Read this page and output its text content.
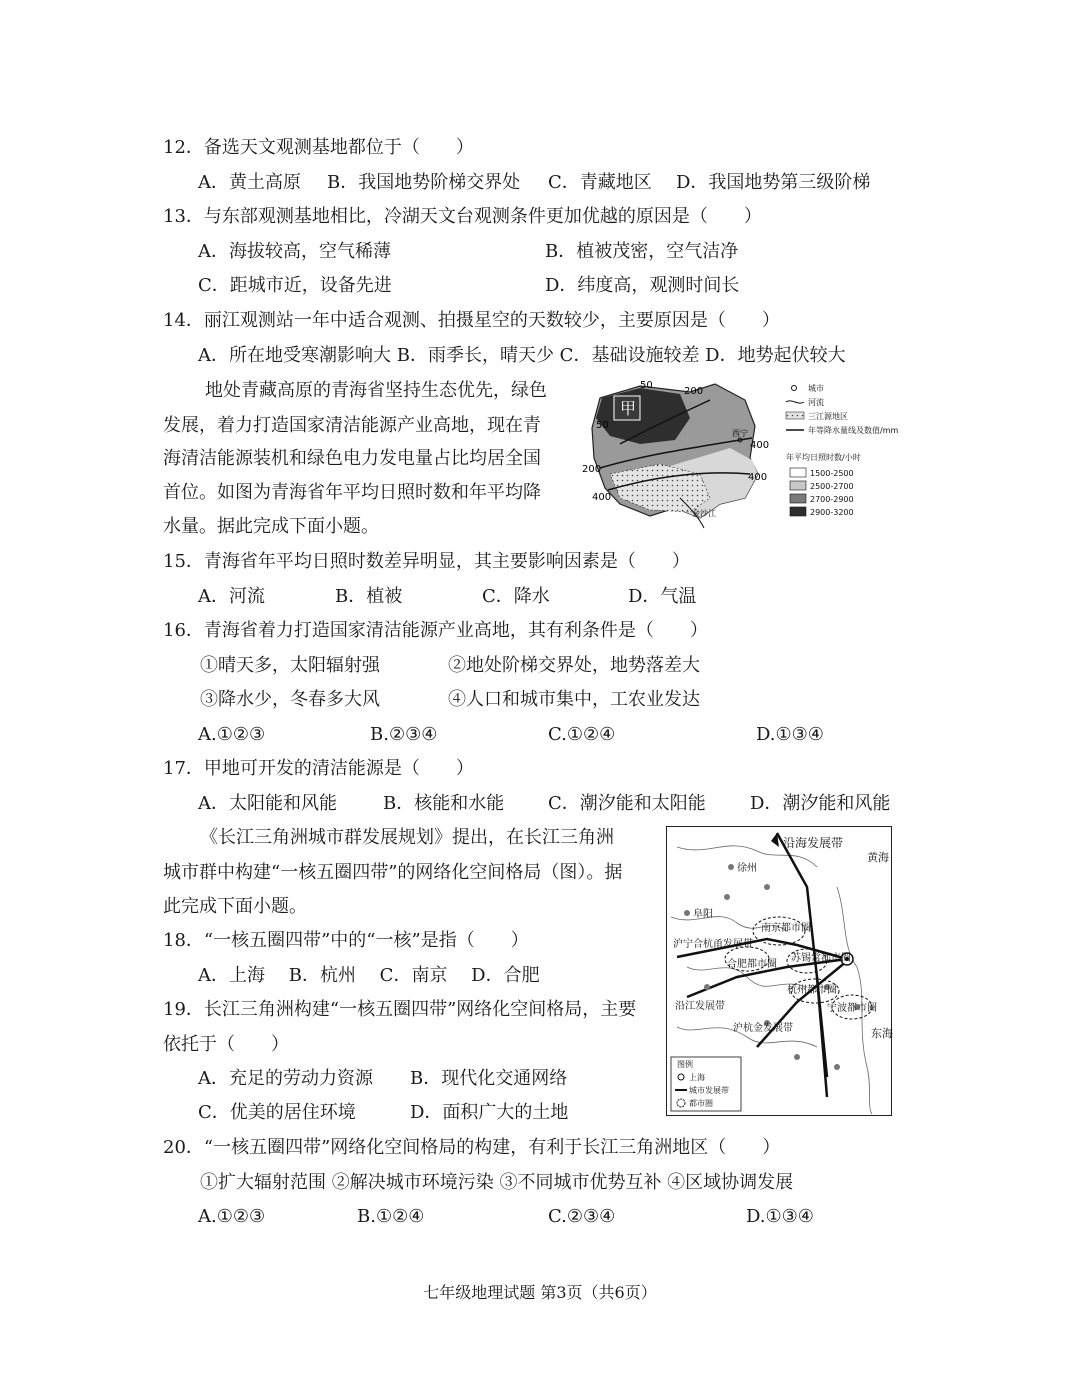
12．备选天文观测基地都位于（　　）
A．黄土高原 B．我国地势阶梯交界处 C．青藏地区 D．我国地势第三级阶梯
13．与东部观测基地相比，冷湖天文台观测条件更加优越的原因是（　　）
A．海拔较高，空气稀薄	B．植被茂密，空气洁净
C．距城市近，设备先进	D．纬度高，观测时间长
14．丽江观测站一年中适合观测、拍摄星空的天数较少，主要原因是（　　）
A．所在地受寒潮影响大 B．雨季长，晴天少 C．基础设施较差 D．地势起伏较大
地处青藏高原的青海省坚持生态优先，绿色
发展，着力打造国家清洁能源产业高地，现在青
海清洁能源装机和绿色电力发电量占比均居全国
首位。如图为青海省年平均日照时数和年平均降
水量。据此完成下面小题。
甲
50
50
200
200
400
400
400
西宁
金沙江
城市
河流
三江源地区
年等降水量线及数值/mm
年平均日照时数/小时
1500-2500
2500-2700
2700-2900
2900-3200
15．青海省年平均日照时数差异明显，其主要影响因素是（　　）
A．河流	B．植被	C．降水	D．气温
16．青海省着力打造国家清洁能源产业高地，其有利条件是（　　）
①晴天多，太阳辐射强	②地处阶梯交界处，地势落差大
③降水少，冬春多大风	④人口和城市集中，工农业发达
A.①②③	B.②③④	C.①②④	D.①③④
17．甲地可开发的清洁能源是（　　）
A．太阳能和风能	B．核能和水能 C．潮汐能和太阳能 D．潮汐能和风能
《长江三角洲城市群发展规划》提出，在长江三角洲
城市群中构建“一核五圈四带”的网络化空间格局（图）。据
此完成下面小题。
徐州
阜阳
南京都市圈
沪宁合杭甬发展带
合肥都市圈
苏锡常都市圈
杭州都市圈
宁波都市圈
沿江发展带
沪杭金发展带
沿海发展带
黄海
东海
图例
上海
城市发展带
都市圈
18．“一核五圈四带”中的“一核”是指（　　）
A．上海　 B．杭州　 C．南京　 D．合肥
19．长江三角洲构建“一核五圈四带”网络化空间格局，主要
依托于（　　）
A．充足的劳动力资源 B．现代化交通网络
C．优美的居住环境	D．面积广大的土地
20．“一核五圈四带”网络化空间格局的构建，有利于长江三角洲地区（　　）
①扩大辐射范围 ②解决城市环境污染 ③不同城市优势互补 ④区域协调发展
A.①②③	B.①②④	C.②③④	D.①③④
七年级地理试题 第3页（共6页）
